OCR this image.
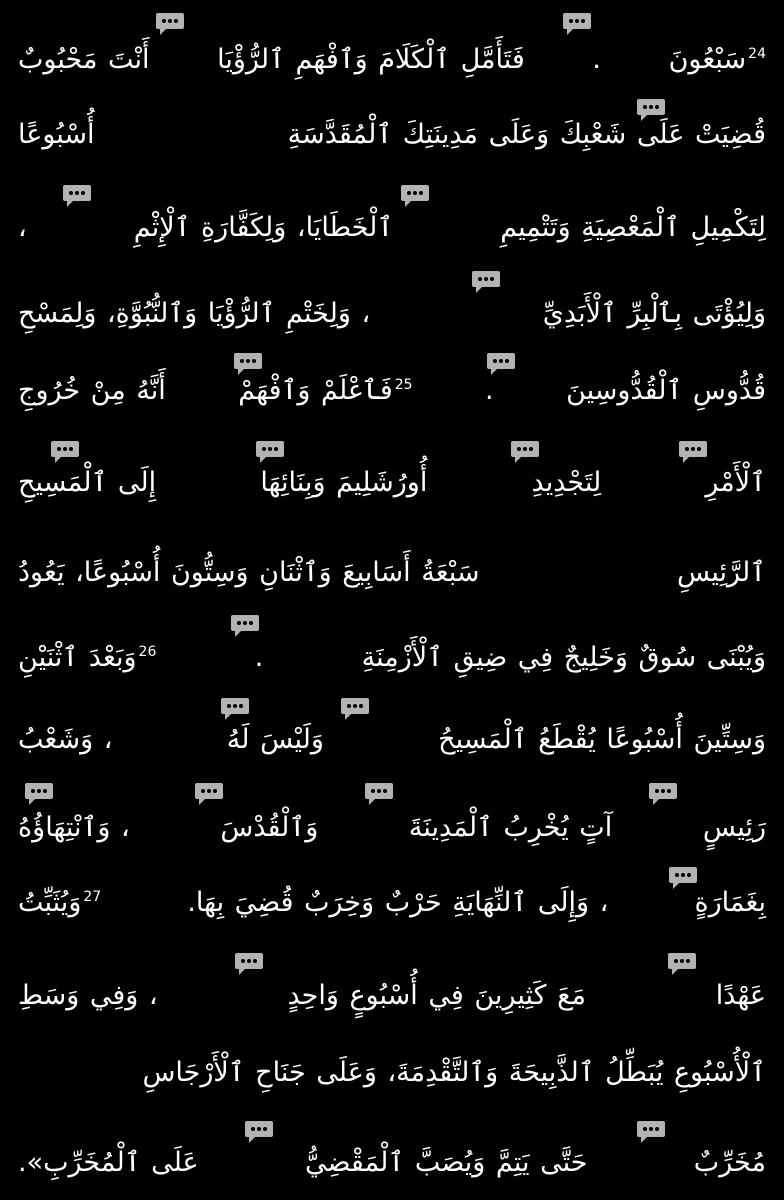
$^{24}$سَبْعُونَ
.
فَتَأَمَّلِ ٱلْكَلَامَ وَٱفْهَمِ ٱلرُّؤْيَا
أَنْتَ مَحْبُوبٌ
قُضِيَتْ عَلَى شَعْبِكَ وَعَلَى مَدِينَتِكَ ٱلْمُقَدَّسَةِ
أُسْبُوعًا
لِتَكْمِيلِ ٱلْمَعْصِيَةِ وَتَتْمِيمِ
ٱلْخَطَايَا، وَلِكَفَّارَةِ ٱلْإِثْمِ
،
وَلِيُؤْتَى بِٱلْبِرِّ ٱلْأَبَدِيِّ
، وَلِخَتْمِ ٱلرُّؤْيَا وَٱلنُّبُوَّةِ، وَلِمَسْحِ
قُدُّوسِ ٱلْقُدُّوسِينَ
.
$^{25}$فَٱعْلَمْ وَٱفْهَمْ
أَنَّهُ مِنْ خُرُوجِ
ٱلْأَمْرِ
لِتَجْدِيدِ
أُورُشَلِيمَ وَبِنَائِهَا
إِلَى ٱلْمَسِيحِ
ٱلرَّئِيسِ
سَبْعَةُ أَسَابِيعَ وَٱثْنَانِ وَسِتُّونَ أُسْبُوعًا، يَعُودُ
وَيُبْنَى سُوقٌ وَخَلِيجٌ فِي ضِيقِ ٱلْأَزْمِنَةِ
.
$^{26}$وَبَعْدَ ٱثْنَيْنِ
وَسِتِّينَ أُسْبُوعًا يُقْطَعُ ٱلْمَسِيحُ
وَلَيْسَ لَهُ
، وَشَعْبُ
رَئِيسٍ
آتٍ يُخْرِبُ ٱلْمَدِينَةَ
وَٱلْقُدْسَ
، وَٱنْتِهَاؤُهُ
بِغَمَارَةٍ
، وَإِلَى ٱلنِّهَايَةِ حَرْبٌ وَخِرَبٌ قُضِيَ بِهَا.
$^{27}$وَيُثَبِّتُ
عَهْدًا
مَعَ كَثِيرِينَ فِي أُسْبُوعٍ وَاحِدٍ
، وَفِي وَسَطِ
ٱلْأُسْبُوعِ يُبَطِّلُ ٱلذَّبِيحَةَ وَٱلتَّقْدِمَةَ، وَعَلَى جَنَاحِ ٱلْأَرْجَاسِ
مُخَرِّبٌ
حَتَّى يَتِمَّ وَيُصَبَّ ٱلْمَقْضِيُّ
عَلَى ٱلْمُخَرِّبِ».
